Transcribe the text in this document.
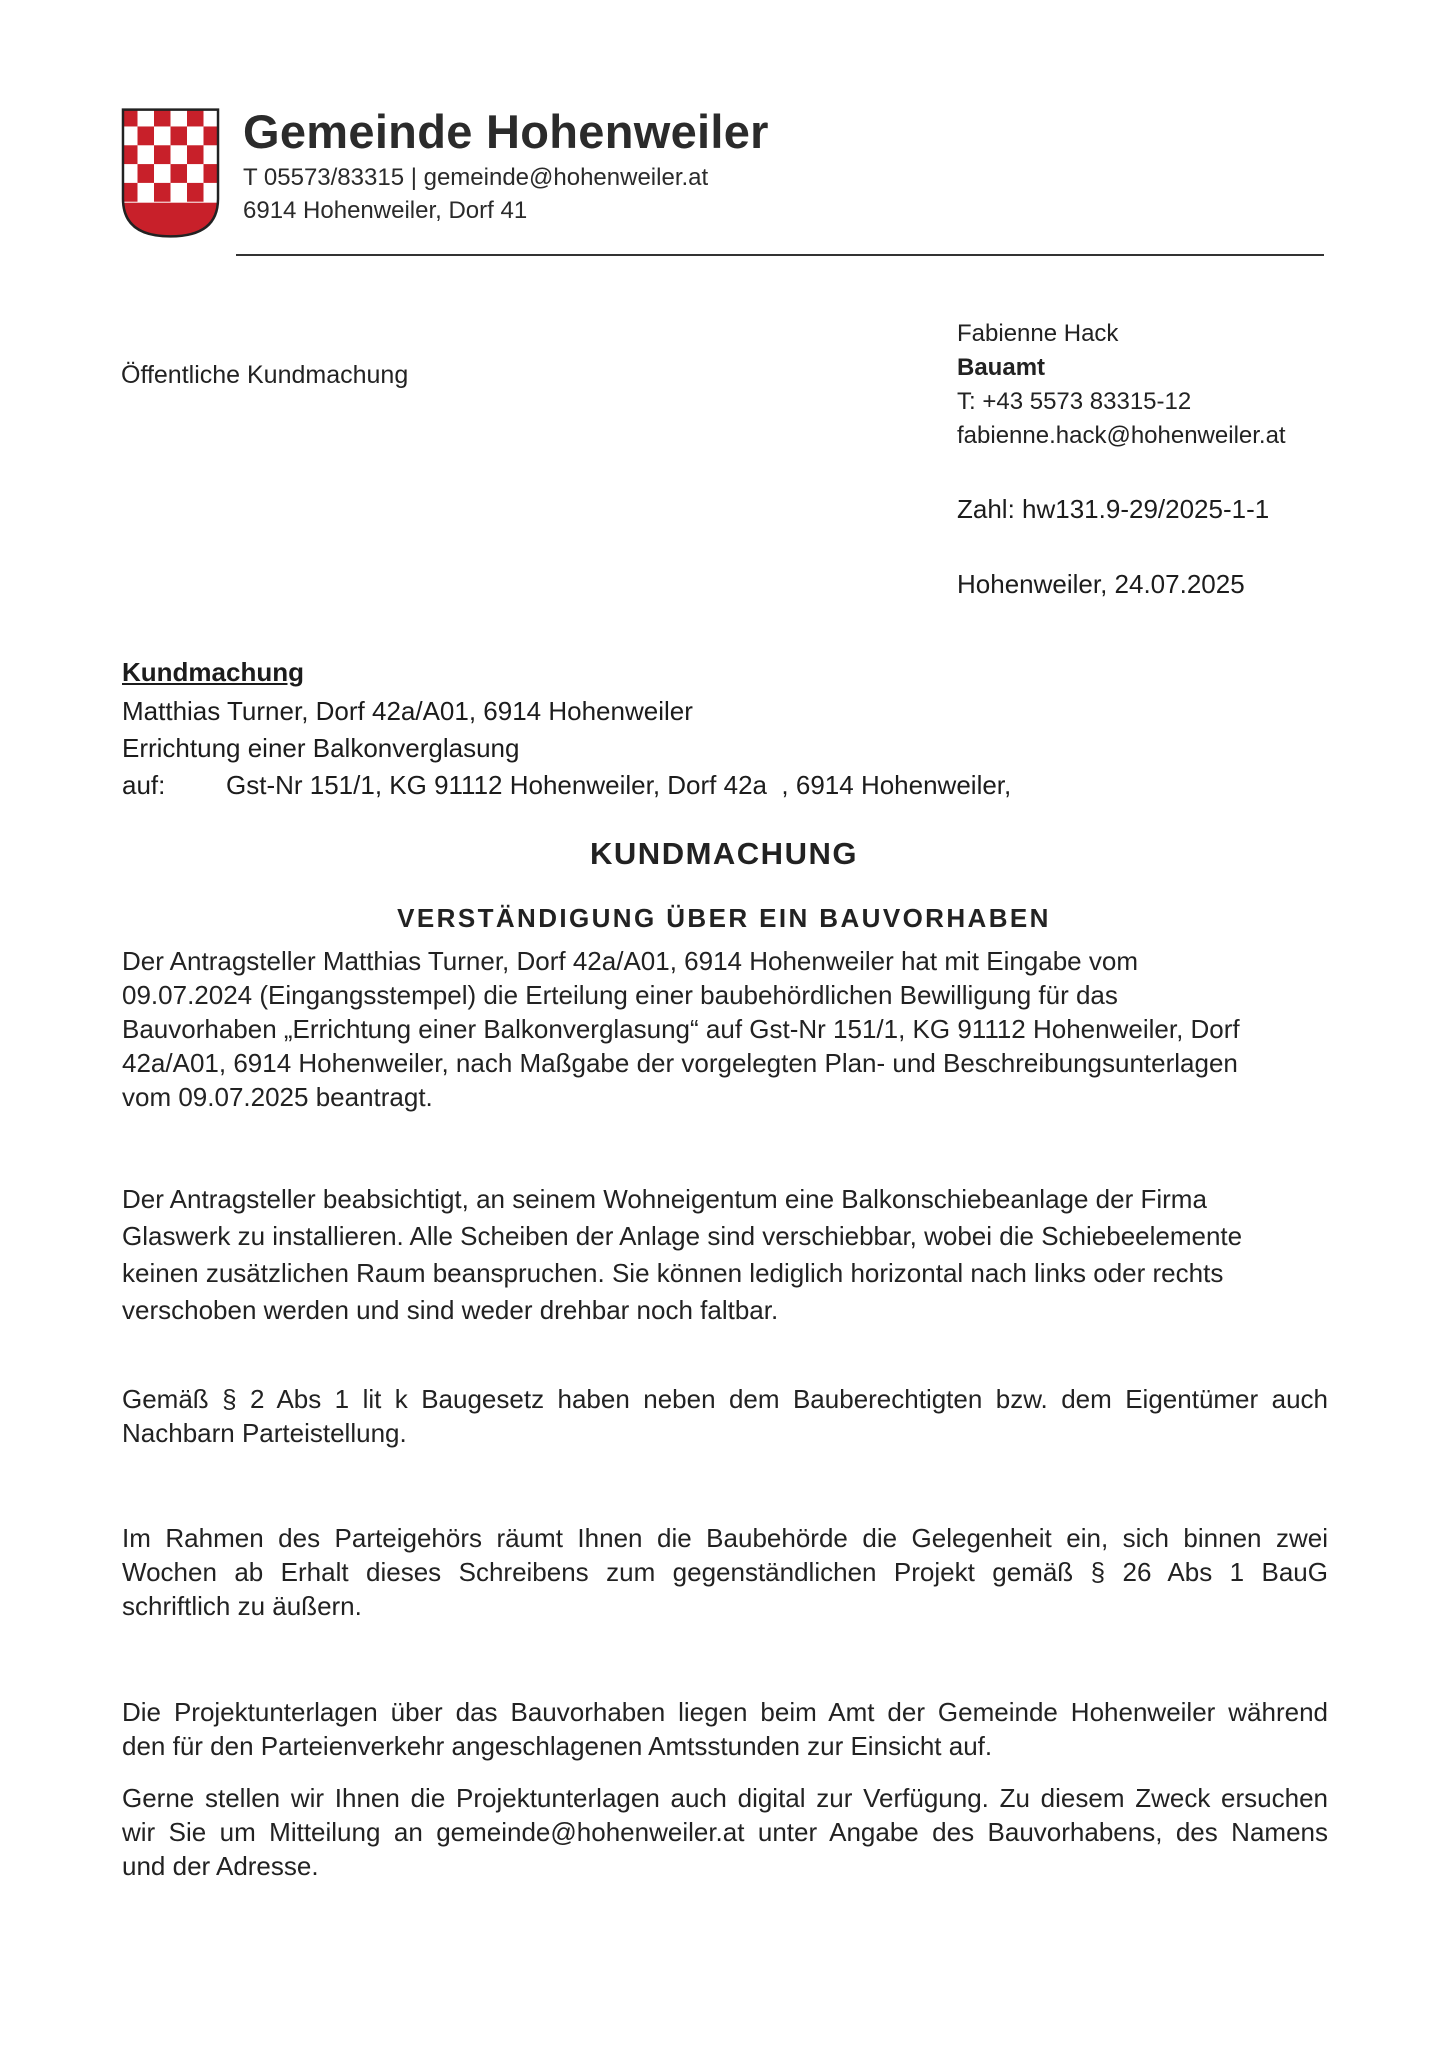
Gemeinde Hohenweiler
T 05573/83315 | gemeinde@hohenweiler.at
6914 Hohenweiler, Dorf 41
Öffentliche Kundmachung
Fabienne Hack
Bauamt
T: +43 5573 83315-12
fabienne.hack@hohenweiler.at
Zahl: hw131.9-29/2025-1-1
Hohenweiler, 24.07.2025
Kundmachung
Matthias Turner, Dorf 42a/A01, 6914 Hohenweiler
Errichtung einer Balkonverglasung
auf: Gst-Nr 151/1, KG 91112 Hohenweiler, Dorf 42a  , 6914 Hohenweiler,
KUNDMACHUNG
VERSTÄNDIGUNG ÜBER EIN BAUVORHABEN
Der Antragsteller Matthias Turner, Dorf 42a/A01, 6914 Hohenweiler hat mit Eingabe vom
09.07.2024 (Eingangsstempel) die Erteilung einer baubehördlichen Bewilligung für das
Bauvorhaben „Errichtung einer Balkonverglasung“ auf Gst-Nr 151/1, KG 91112 Hohenweiler, Dorf
42a/A01, 6914 Hohenweiler, nach Maßgabe der vorgelegten Plan- und Beschreibungsunterlagen
vom 09.07.2025 beantragt.
Der Antragsteller beabsichtigt, an seinem Wohneigentum eine Balkonschiebeanlage der Firma
Glaswerk zu installieren. Alle Scheiben der Anlage sind verschiebbar, wobei die Schiebeelemente
keinen zusätzlichen Raum beanspruchen. Sie können lediglich horizontal nach links oder rechts
verschoben werden und sind weder drehbar noch faltbar.
Gemäß § 2 Abs 1 lit k Baugesetz haben neben dem Bauberechtigten bzw. dem Eigentümer auch
Nachbarn Parteistellung.
Im Rahmen des Parteigehörs räumt Ihnen die Baubehörde die Gelegenheit ein, sich binnen zwei
Wochen ab Erhalt dieses Schreibens zum gegenständlichen Projekt gemäß § 26 Abs 1 BauG
schriftlich zu äußern.
Die Projektunterlagen über das Bauvorhaben liegen beim Amt der Gemeinde Hohenweiler während
den für den Parteienverkehr angeschlagenen Amtsstunden zur Einsicht auf.
Gerne stellen wir Ihnen die Projektunterlagen auch digital zur Verfügung. Zu diesem Zweck ersuchen
wir Sie um Mitteilung an gemeinde@hohenweiler.at unter Angabe des Bauvorhabens, des Namens
und der Adresse.
